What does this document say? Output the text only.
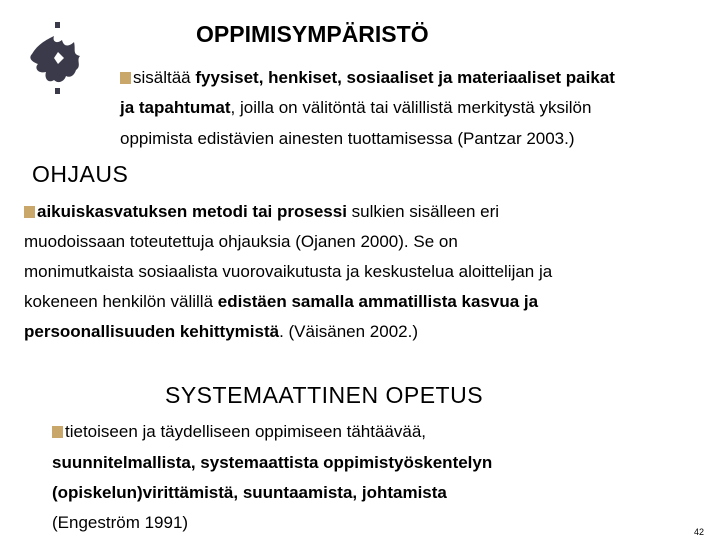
OPPIMISYMPÄRISTÖ
sisältää fyysiset, henkiset, sosiaaliset ja materiaaliset paikat
ja tapahtumat, joilla on välitöntä tai välillistä merkitystä yksilön
oppimista edistävien ainesten tuottamisessa (Pantzar 2003.)
OHJAUS
aikuiskasvatuksen metodi tai prosessi sulkien sisälleen eri
muodoissaan toteutettuja ohjauksia (Ojanen 2000). Se on
monimutkaista sosiaalista vuorovaikutusta ja keskustelua aloittelijan ja
kokeneen henkilön välillä edistäen samalla ammatillista kasvua ja
persoonallisuuden kehittymistä. (Väisänen 2002.)
SYSTEMAATTINEN OPETUS
tietoiseen ja täydelliseen oppimiseen tähtäävää,
suunnitelmallista, systemaattista oppimistyöskentelyn
(opiskelun)virittämistä, suuntaamista, johtamista
(Engeström 1991)	42
